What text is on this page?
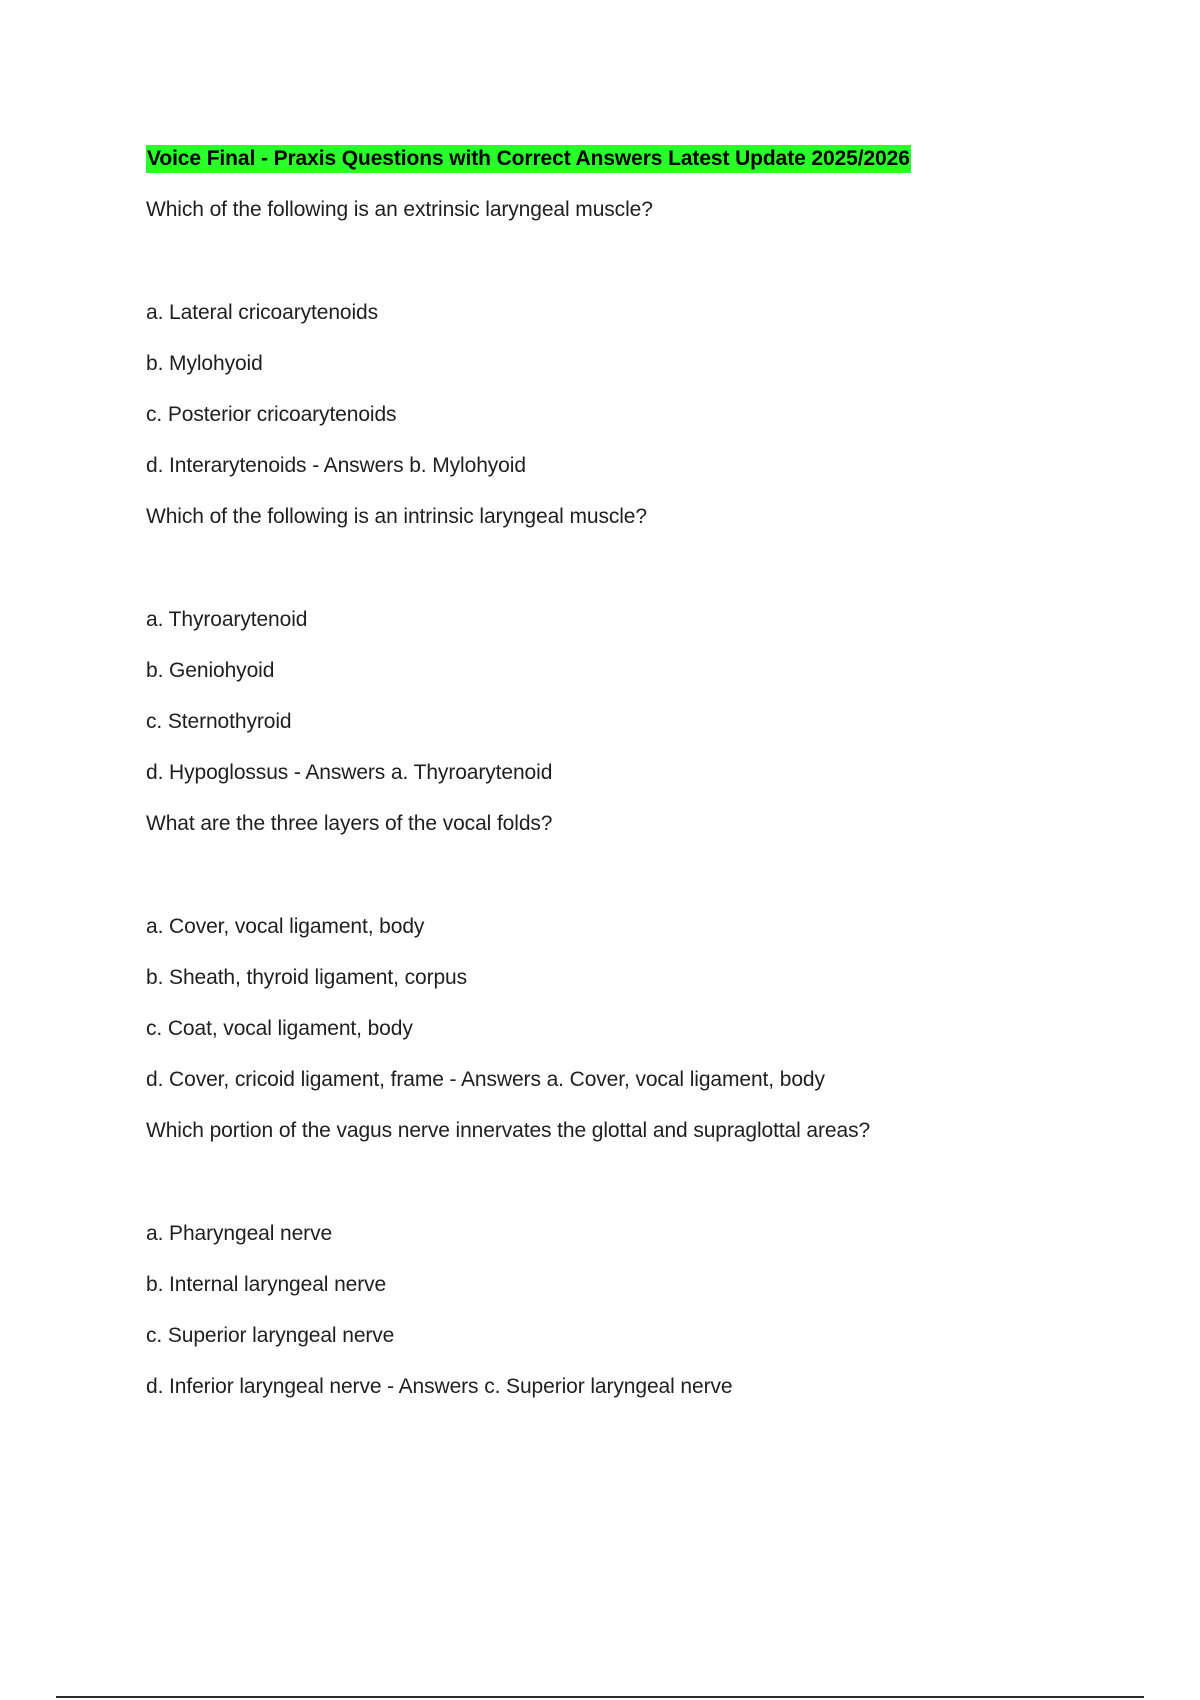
Voice Final - Praxis Questions with Correct Answers Latest Update 2025/2026
Which of the following is an extrinsic laryngeal muscle?
a. Lateral cricoarytenoids
b. Mylohyoid
c. Posterior cricoarytenoids
d. Interarytenoids - Answers b. Mylohyoid
Which of the following is an intrinsic laryngeal muscle?
a. Thyroarytenoid
b. Geniohyoid
c. Sternothyroid
d. Hypoglossus - Answers a. Thyroarytenoid
What are the three layers of the vocal folds?
a. Cover, vocal ligament, body
b. Sheath, thyroid ligament, corpus
c. Coat, vocal ligament, body
d. Cover, cricoid ligament, frame - Answers a. Cover, vocal ligament, body
Which portion of the vagus nerve innervates the glottal and supraglottal areas?
a. Pharyngeal nerve
b. Internal laryngeal nerve
c. Superior laryngeal nerve
d. Inferior laryngeal nerve - Answers c. Superior laryngeal nerve
